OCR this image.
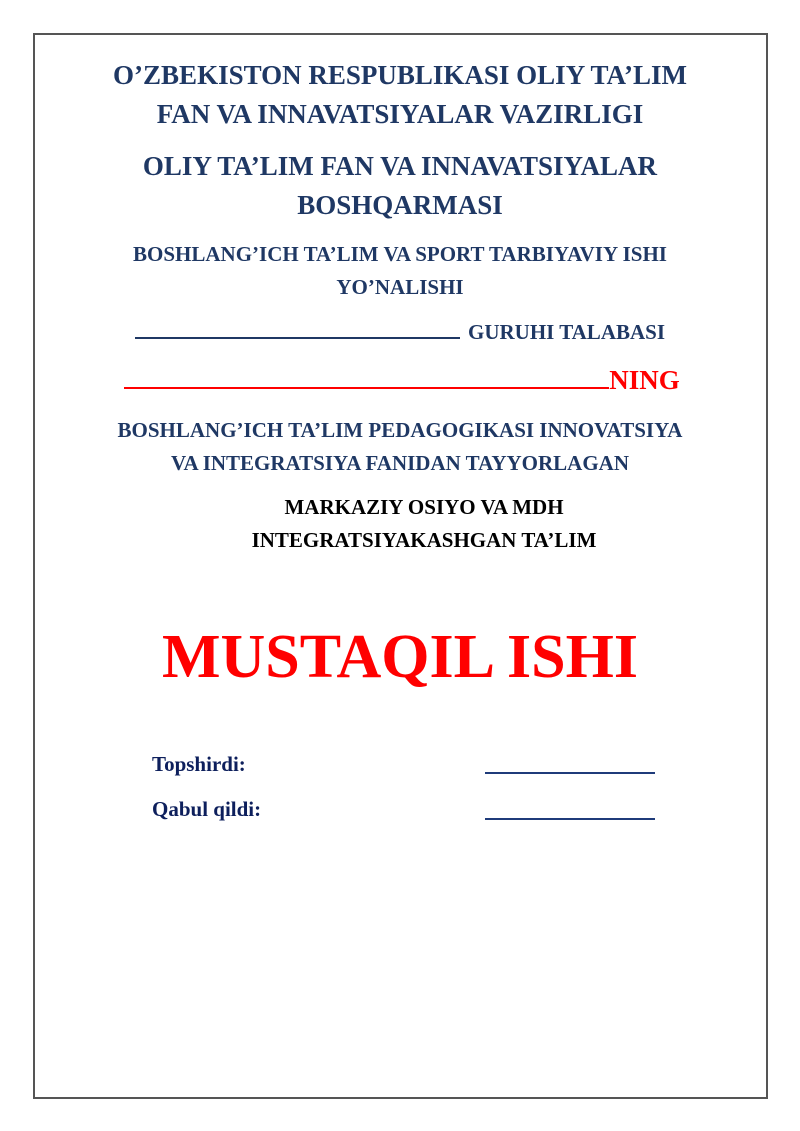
O’ZBEKISTON RESPUBLIKASI OLIY TA’LIM
FAN VA INNAVATSIYALAR VAZIRLIGI
OLIY TA’LIM FAN VA INNAVATSIYALAR
BOSHQARMASI
BOSHLANG’ICH TA’LIM VA SPORT TARBIYAVIY ISHI
YO’NALISHI
GURUHI TALABASI
NING
BOSHLANG’ICH TA’LIM PEDAGOGIKASI INNOVATSIYA
VA INTEGRATSIYA FANIDAN TAYYORLAGAN
MARKAZIY OSIYO VA MDH
INTEGRATSIYAKASHGAN TA’LIM
MUSTAQIL ISHI
Topshirdi:
Qabul qildi:
